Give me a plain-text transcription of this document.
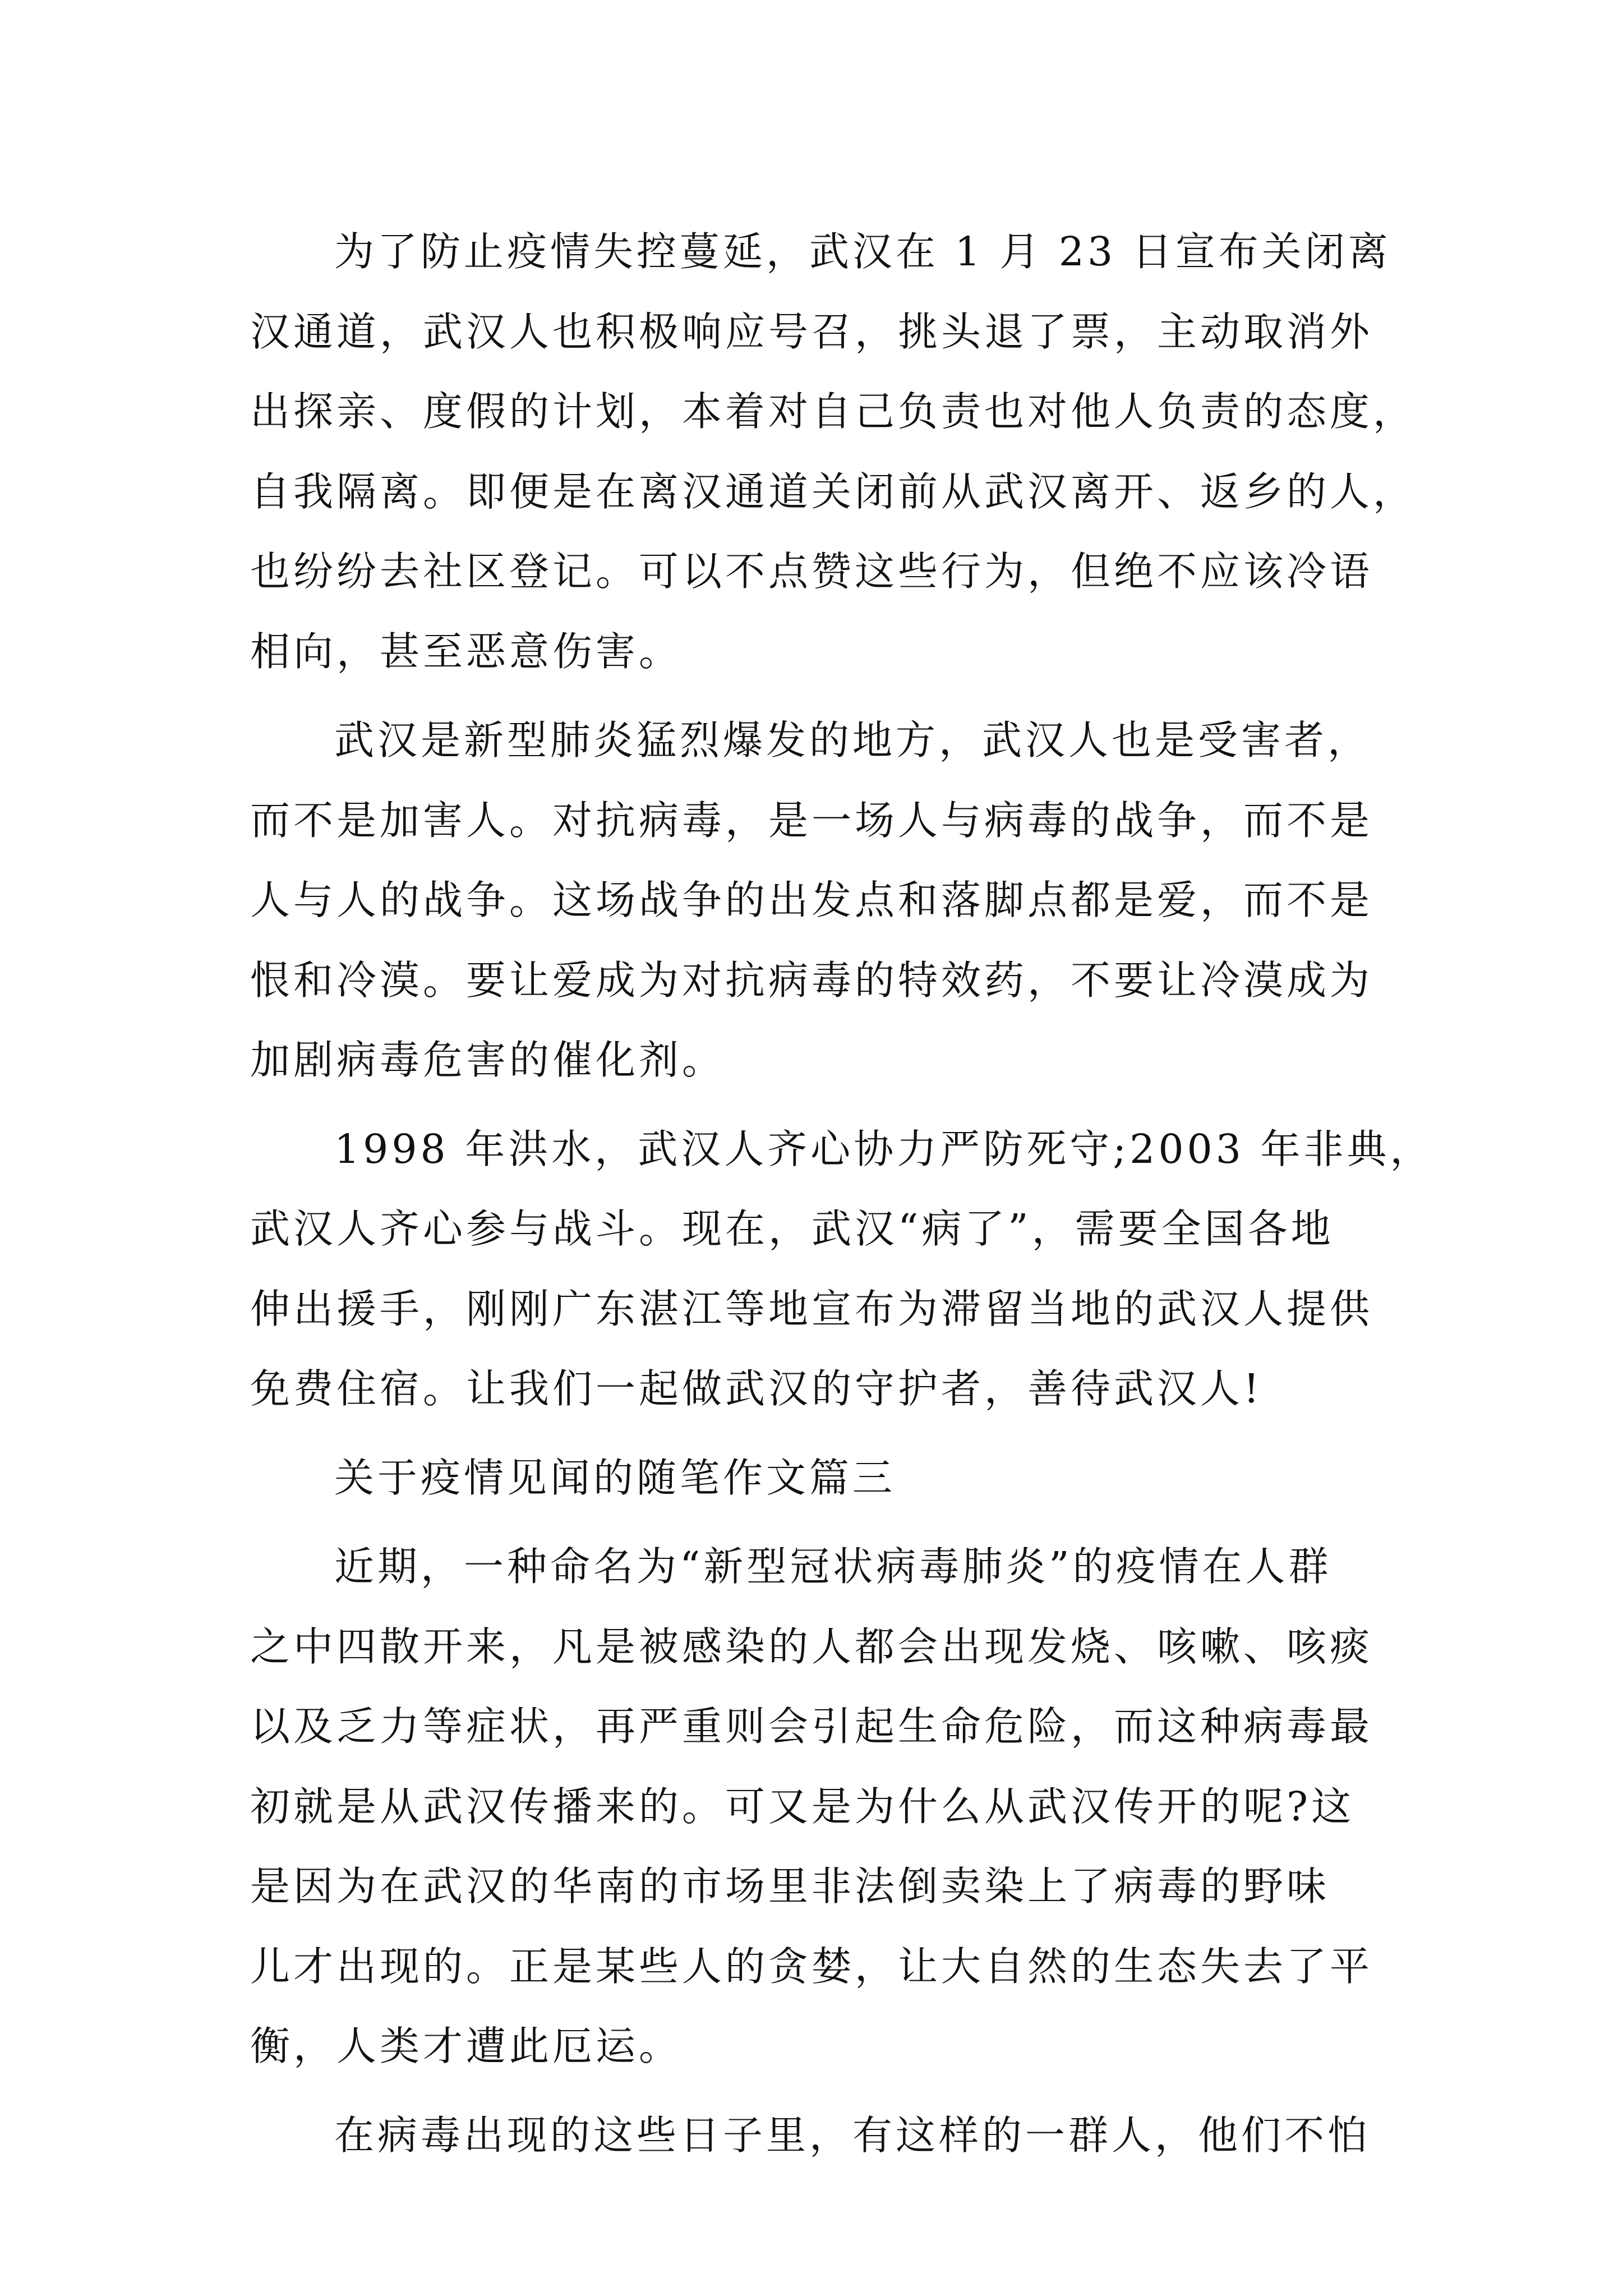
为了防止疫情失控蔓延，武汉在 1 月 23 日宣布关闭离
汉通道，武汉人也积极响应号召，挑头退了票，主动取消外
出探亲、度假的计划，本着对自己负责也对他人负责的态度，
自我隔离。即便是在离汉通道关闭前从武汉离开、返乡的人，
也纷纷去社区登记。可以不点赞这些行为，但绝不应该冷语
相向，甚至恶意伤害。
武汉是新型肺炎猛烈爆发的地方，武汉人也是受害者，
而不是加害人。对抗病毒，是一场人与病毒的战争，而不是
人与人的战争。这场战争的出发点和落脚点都是爱，而不是
恨和冷漠。要让爱成为对抗病毒的特效药，不要让冷漠成为
加剧病毒危害的催化剂。
1998 年洪水，武汉人齐心协力严防死守;2003 年非典，
武汉人齐心参与战斗。现在，武汉“病了”，需要全国各地
伸出援手，刚刚广东湛江等地宣布为滞留当地的武汉人提供
免费住宿。让我们一起做武汉的守护者，善待武汉人!
关于疫情见闻的随笔作文篇三
近期，一种命名为“新型冠状病毒肺炎”的疫情在人群
之中四散开来，凡是被感染的人都会出现发烧、咳嗽、咳痰
以及乏力等症状，再严重则会引起生命危险，而这种病毒最
初就是从武汉传播来的。可又是为什么从武汉传开的呢?这
是因为在武汉的华南的市场里非法倒卖染上了病毒的野味
儿才出现的。正是某些人的贪婪，让大自然的生态失去了平
衡，人类才遭此厄运。
在病毒出现的这些日子里，有这样的一群人，他们不怕
